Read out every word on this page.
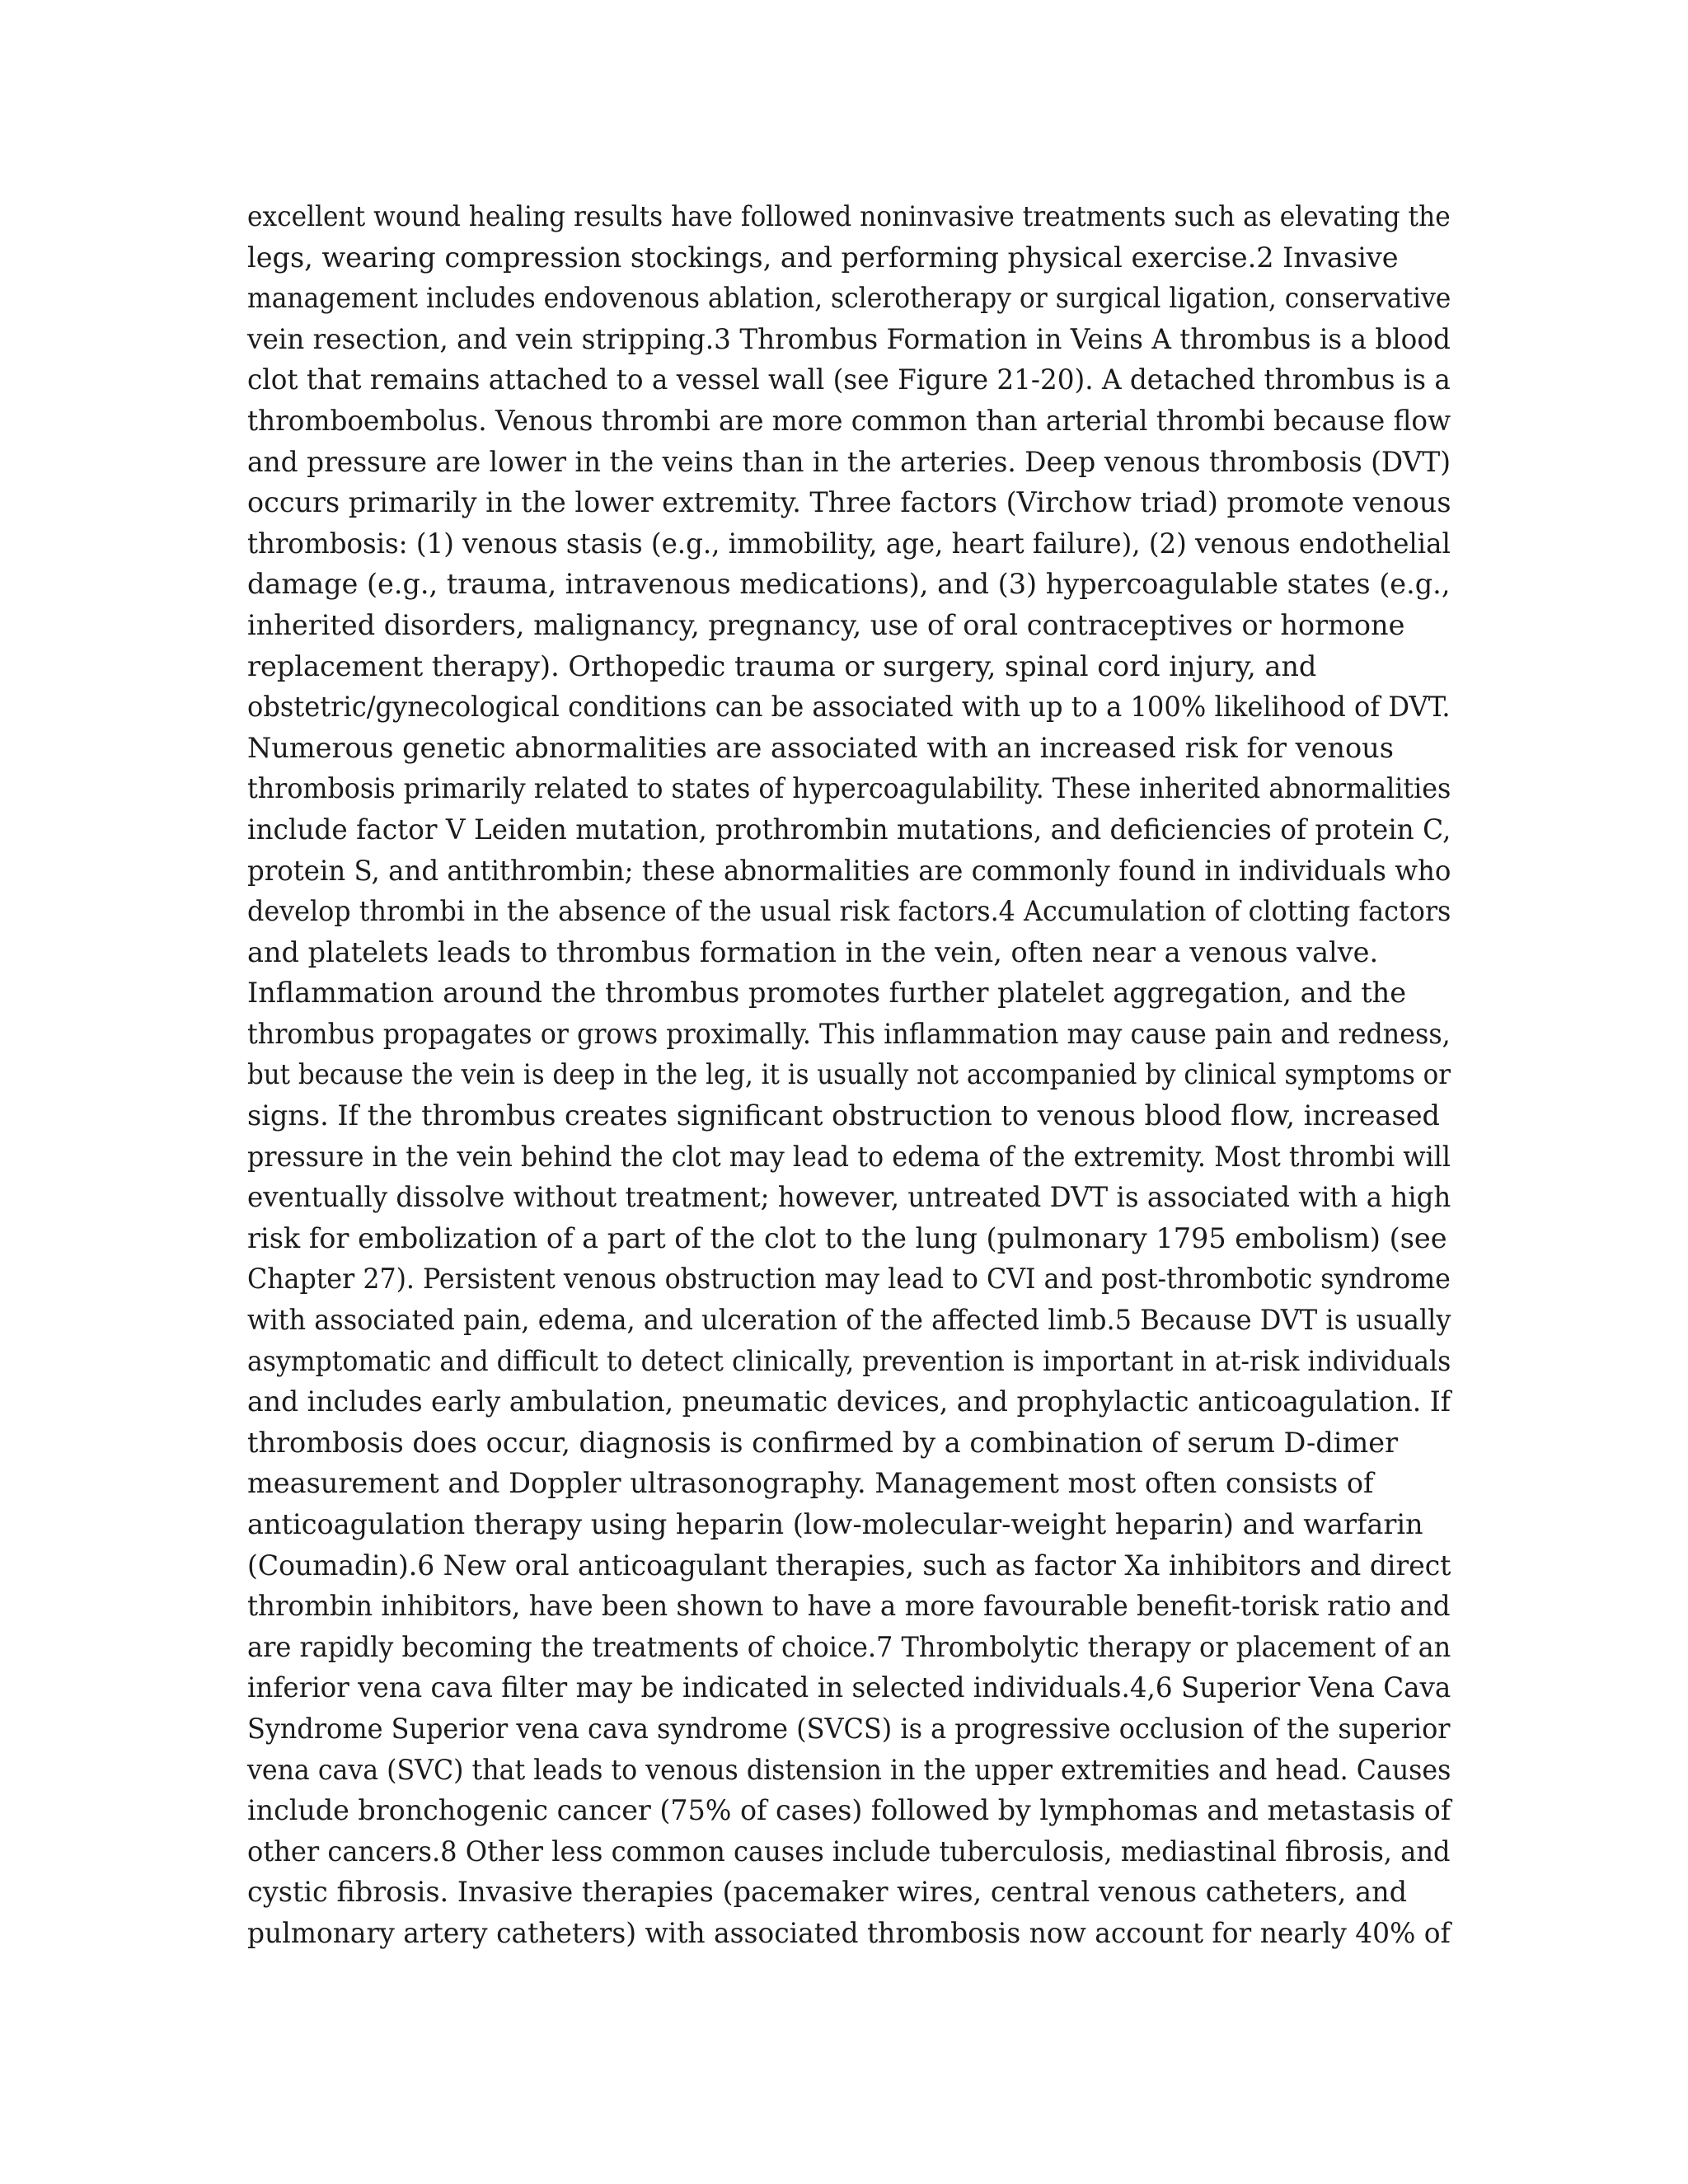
excellent wound healing results have followed noninvasive treatments such as elevating the
legs, wearing compression stockings, and performing physical exercise.2 Invasive
management includes endovenous ablation, sclerotherapy or surgical ligation, conservative
vein resection, and vein stripping.3 Thrombus Formation in Veins A thrombus is a blood
clot that remains attached to a vessel wall (see Figure 21-20). A detached thrombus is a
thromboembolus. Venous thrombi are more common than arterial thrombi because flow
and pressure are lower in the veins than in the arteries. Deep venous thrombosis (DVT)
occurs primarily in the lower extremity. Three factors (Virchow triad) promote venous
thrombosis: (1) venous stasis (e.g., immobility, age, heart failure), (2) venous endothelial
damage (e.g., trauma, intravenous medications), and (3) hypercoagulable states (e.g.,
inherited disorders, malignancy, pregnancy, use of oral contraceptives or hormone
replacement therapy). Orthopedic trauma or surgery, spinal cord injury, and
obstetric/gynecological conditions can be associated with up to a 100% likelihood of DVT.
Numerous genetic abnormalities are associated with an increased risk for venous
thrombosis primarily related to states of hypercoagulability. These inherited abnormalities
include factor V Leiden mutation, prothrombin mutations, and deficiencies of protein C,
protein S, and antithrombin; these abnormalities are commonly found in individuals who
develop thrombi in the absence of the usual risk factors.4 Accumulation of clotting factors
and platelets leads to thrombus formation in the vein, often near a venous valve.
Inflammation around the thrombus promotes further platelet aggregation, and the
thrombus propagates or grows proximally. This inflammation may cause pain and redness,
but because the vein is deep in the leg, it is usually not accompanied by clinical symptoms or
signs. If the thrombus creates significant obstruction to venous blood flow, increased
pressure in the vein behind the clot may lead to edema of the extremity. Most thrombi will
eventually dissolve without treatment; however, untreated DVT is associated with a high
risk for embolization of a part of the clot to the lung (pulmonary 1795 embolism) (see
Chapter 27). Persistent venous obstruction may lead to CVI and post-thrombotic syndrome
with associated pain, edema, and ulceration of the affected limb.5 Because DVT is usually
asymptomatic and difficult to detect clinically, prevention is important in at-risk individuals
and includes early ambulation, pneumatic devices, and prophylactic anticoagulation. If
thrombosis does occur, diagnosis is confirmed by a combination of serum D-dimer
measurement and Doppler ultrasonography. Management most often consists of
anticoagulation therapy using heparin (low-molecular-weight heparin) and warfarin
(Coumadin).6 New oral anticoagulant therapies, such as factor Xa inhibitors and direct
thrombin inhibitors, have been shown to have a more favourable benefit-torisk ratio and
are rapidly becoming the treatments of choice.7 Thrombolytic therapy or placement of an
inferior vena cava filter may be indicated in selected individuals.4,6 Superior Vena Cava
Syndrome Superior vena cava syndrome (SVCS) is a progressive occlusion of the superior
vena cava (SVC) that leads to venous distension in the upper extremities and head. Causes
include bronchogenic cancer (75% of cases) followed by lymphomas and metastasis of
other cancers.8 Other less common causes include tuberculosis, mediastinal fibrosis, and
cystic fibrosis. Invasive therapies (pacemaker wires, central venous catheters, and
pulmonary artery catheters) with associated thrombosis now account for nearly 40% of
